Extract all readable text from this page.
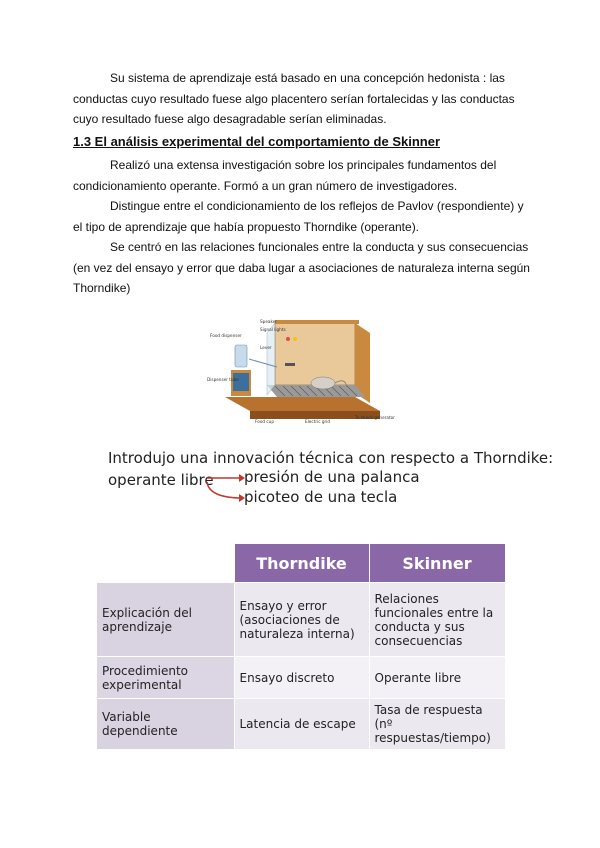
Su sistema de aprendizaje está basado en una concepción hedonista : las conductas cuyo resultado fuese algo placentero serían fortalecidas y las conductas cuyo resultado fuese algo desagradable serían eliminadas.

1.3 El análisis experimental del comportamiento de Skinner

Realizó una extensa investigación sobre los principales fundamentos del condicionamiento operante. Formó a un gran número de investigadores.

Distingue entre el condicionamiento de los reflejos de Pavlov (respondiente) y el tipo de aprendizaje que había propuesto Thorndike (operante).

Se centró en las relaciones funcionales entre la conducta y sus consecuencias (en vez del ensayo y error que daba lugar a asociaciones de naturaleza interna según Thorndike)

Food dispenser
Speaker
Signal lights
Lever
Dispenser tube
Food cup	Electric grid
To shock generator
Introdujo una innovación técnica con respecto a Thorndike:
operante libre	presión de una palanca
picoteo de una tecla
	Thorndike	Skinner
Explicación del aprendizaje	Ensayo y error (asociaciones de naturaleza interna)	Relaciones funcionales entre la conducta y sus consecuencias
Procedimiento experimental	Ensayo discreto	Operante libre
Variable dependiente	Latencia de escape	Tasa de respuesta (nº respuestas/tiempo)
